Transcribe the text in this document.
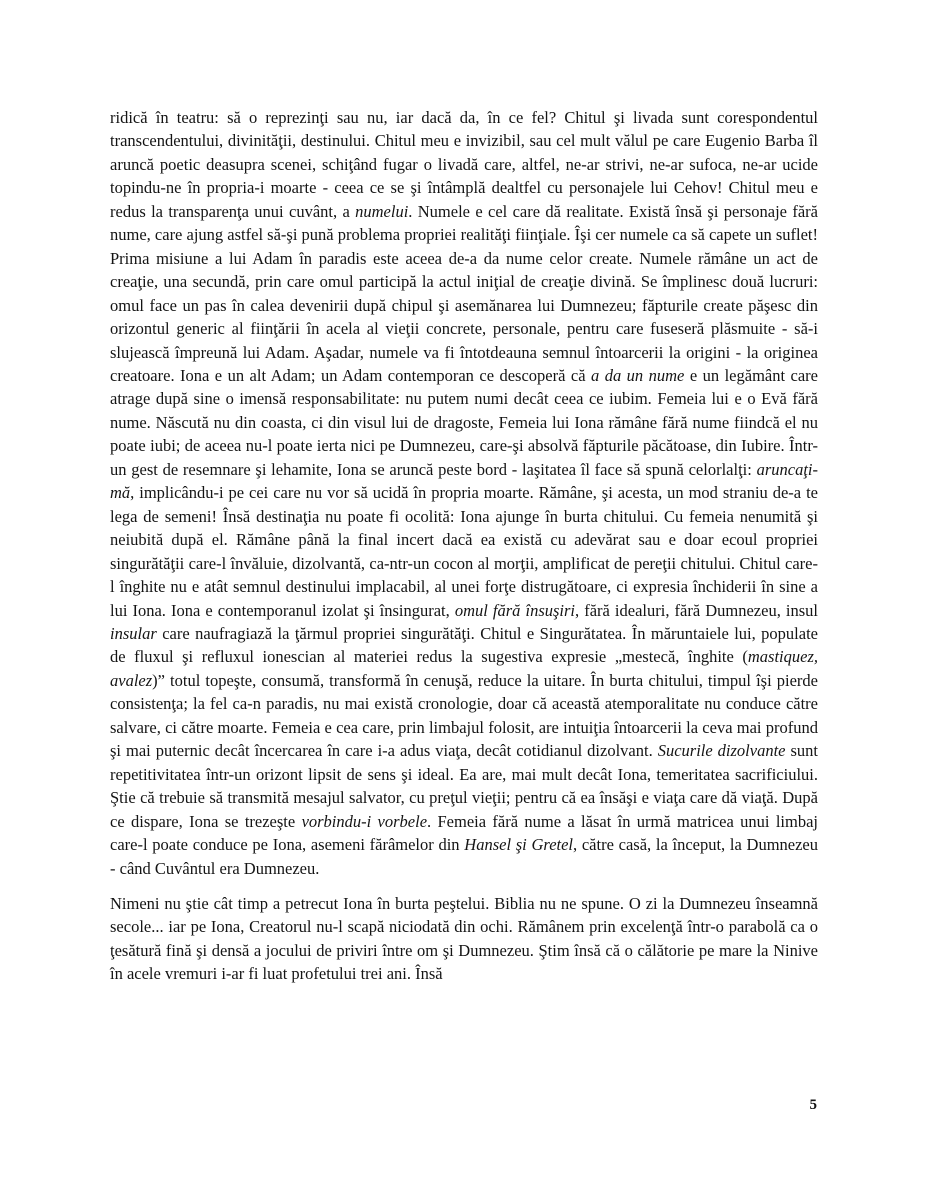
ridică în teatru: să o reprezinţi sau nu, iar dacă da, în ce fel? Chitul şi livada sunt corespondentul transcendentului, divinităţii, destinului. Chitul meu e invizibil, sau cel mult vălul pe care Eugenio Barba îl aruncă poetic deasupra scenei, schiţând fugar o livadă care, altfel, ne-ar strivi, ne-ar sufoca, ne-ar ucide topindu-ne în propria-i moarte - ceea ce se şi întâmplă dealtfel cu personajele lui Cehov! Chitul meu e redus la transparenţa unui cuvânt, a numelui. Numele e cel care dă realitate. Există însă şi personaje fără nume, care ajung astfel să-şi pună problema propriei realităţi fiinţiale. Îşi cer numele ca să capete un suflet! Prima misiune a lui Adam în paradis este aceea de-a da nume celor create. Numele rămâne un act de creaţie, una secundă, prin care omul participă la actul iniţial de creaţie divină. Se împlinesc două lucruri: omul face un pas în calea devenirii după chipul şi asemănarea lui Dumnezeu; făpturile create păşesc din orizontul generic al fiinţării în acela al vieţii concrete, personale, pentru care fuseseră plăsmuite - să-i slujească împreună lui Adam. Aşadar, numele va fi întotdeauna semnul întoarcerii la origini - la originea creatoare. Iona e un alt Adam; un Adam contemporan ce descoperă că a da un nume e un legământ care atrage după sine o imensă responsabilitate: nu putem numi decât ceea ce iubim. Femeia lui e o Evă fără nume. Născută nu din coasta, ci din visul lui de dragoste, Femeia lui Iona rămâne fără nume fiindcă el nu poate iubi; de aceea nu-l poate ierta nici pe Dumnezeu, care-şi absolvă făpturile păcătoase, din Iubire. Într-un gest de resemnare şi lehamite, Iona se aruncă peste bord - laşitatea îl face să spună celorlalţi: aruncaţi-mă, implicându-i pe cei care nu vor să ucidă în propria moarte. Rămâne, şi acesta, un mod straniu de-a te lega de semeni! Însă destinaţia nu poate fi ocolită: Iona ajunge în burta chitului. Cu femeia nenumită şi neiubită după el. Rămâne până la final incert dacă ea există cu adevărat sau e doar ecoul propriei singurătăţii care-l învăluie, dizolvantă, ca-ntr-un cocon al morţii, amplificat de pereţii chitului. Chitul care-l înghite nu e atât semnul destinului implacabil, al unei forţe distrugătoare, ci expresia închiderii în sine a lui Iona. Iona e contemporanul izolat şi însingurat, omul fără însuşiri, fără idealuri, fără Dumnezeu, insul insular care naufragiază la ţărmul propriei singurătăţi. Chitul e Singurătatea. În măruntaiele lui, populate de fluxul şi refluxul ionescian al materiei redus la sugestiva expresie „mestecă, înghite (mastiquez, avalez)” totul topeşte, consumă, transformă în cenuşă, reduce la uitare. În burta chitului, timpul îşi pierde consistenţa; la fel ca-n paradis, nu mai există cronologie, doar că această atemporalitate nu conduce către salvare, ci către moarte. Femeia e cea care, prin limbajul folosit, are intuiţia întoarcerii la ceva mai profund şi mai puternic decât încercarea în care i-a adus viaţa, decât cotidianul dizolvant. Sucurile dizolvante sunt repetitivitatea într-un orizont lipsit de sens şi ideal. Ea are, mai mult decât Iona, temeritatea sacrificiului. Ştie că trebuie să transmită mesajul salvator, cu preţul vieţii; pentru că ea însăşi e viaţa care dă viaţă. După ce dispare, Iona se trezeşte vorbindu-i vorbele. Femeia fără nume a lăsat în urmă matricea unui limbaj care-l poate conduce pe Iona, asemeni fărâmelor din Hansel şi Gretel, către casă, la început, la Dumnezeu - când Cuvântul era Dumnezeu.

Nimeni nu ştie cât timp a petrecut Iona în burta peştelui. Biblia nu ne spune. O zi la Dumnezeu înseamnă secole... iar pe Iona, Creatorul nu-l scapă niciodată din ochi. Rămânem prin excelenţă într-o parabolă ca o ţesătură fină şi densă a jocului de priviri între om şi Dumnezeu. Ştim însă că o călătorie pe mare la Ninive în acele vremuri i-ar fi luat profetului trei ani. Însă

5
